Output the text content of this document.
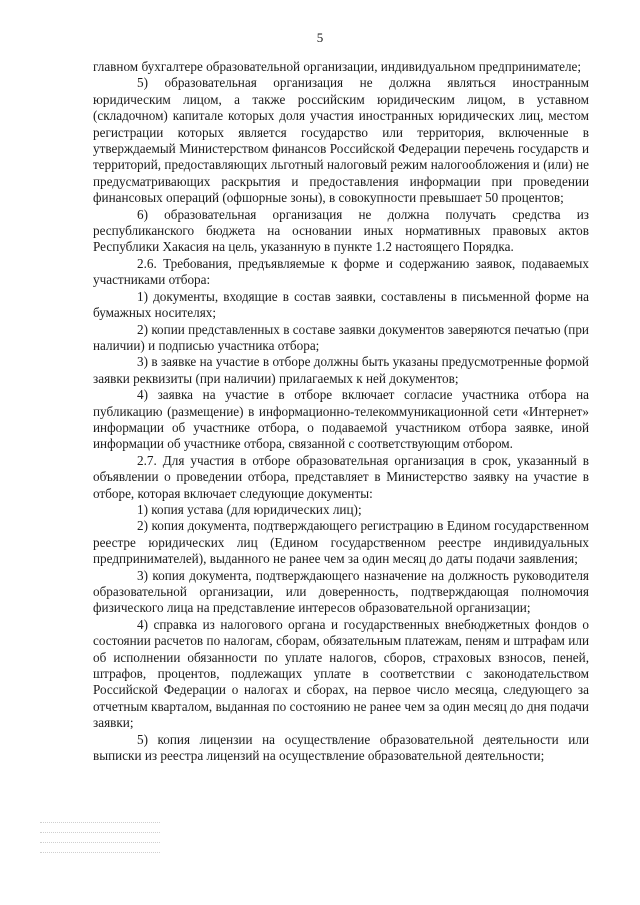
5

главном бухгалтере образовательной организации, индивидуальном предпринимателе;

5) образовательная организация не должна являться иностранным юридическим лицом, а также российским юридическим лицом, в уставном (складочном) капитале которых доля участия иностранных юридических лиц, местом регистрации которых является государство или территория, включенные в утверждаемый Министерством финансов Российской Федерации перечень государств и территорий, предоставляющих льготный налоговый режим налогообложения и (или) не предусматривающих раскрытия и предоставления информации при проведении финансовых операций (офшорные зоны), в совокупности превышает 50 процентов;

6) образовательная организация не должна получать средства из республиканского бюджета на основании иных нормативных правовых актов Республики Хакасия на цель, указанную в пункте 1.2 настоящего Порядка.

2.6. Требования, предъявляемые к форме и содержанию заявок, подаваемых участниками отбора:

1) документы, входящие в состав заявки, составлены в письменной форме на бумажных носителях;

2) копии представленных в составе заявки документов заверяются печатью (при наличии) и подписью участника отбора;

3) в заявке на участие в отборе должны быть указаны предусмотренные формой заявки реквизиты (при наличии) прилагаемых к ней документов;

4) заявка на участие в отборе включает согласие участника отбора на публикацию (размещение) в информационно-телекоммуникационной сети «Интернет» информации об участнике отбора, о подаваемой участником отбора заявке, иной информации об участнике отбора, связанной с соответствующим отбором.

2.7. Для участия в отборе образовательная организация в срок, указанный в объявлении о проведении отбора, представляет в Министерство заявку на участие в отборе, которая включает следующие документы:

1) копия устава (для юридических лиц);

2) копия документа, подтверждающего регистрацию в Едином государственном реестре юридических лиц (Едином государственном реестре индивидуальных предпринимателей), выданного не ранее чем за один месяц до даты подачи заявления;

3) копия документа, подтверждающего назначение на должность руководителя образовательной организации, или доверенность, подтверждающая полномочия физического лица на представление интересов образовательной организации;

4) справка из налогового органа и государственных внебюджетных фондов о состоянии расчетов по налогам, сборам, обязательным платежам, пеням и штрафам или об исполнении обязанности по уплате налогов, сборов, страховых взносов, пеней, штрафов, процентов, подлежащих уплате в соответствии с законодательством Российской Федерации о налогах и сборах, на первое число месяца, следующего за отчетным кварталом, выданная по состоянию не ранее чем за один месяц до дня подачи заявки;

5) копия лицензии на осуществление образовательной деятельности или выписки из реестра лицензий на осуществление образовательной деятельности;
